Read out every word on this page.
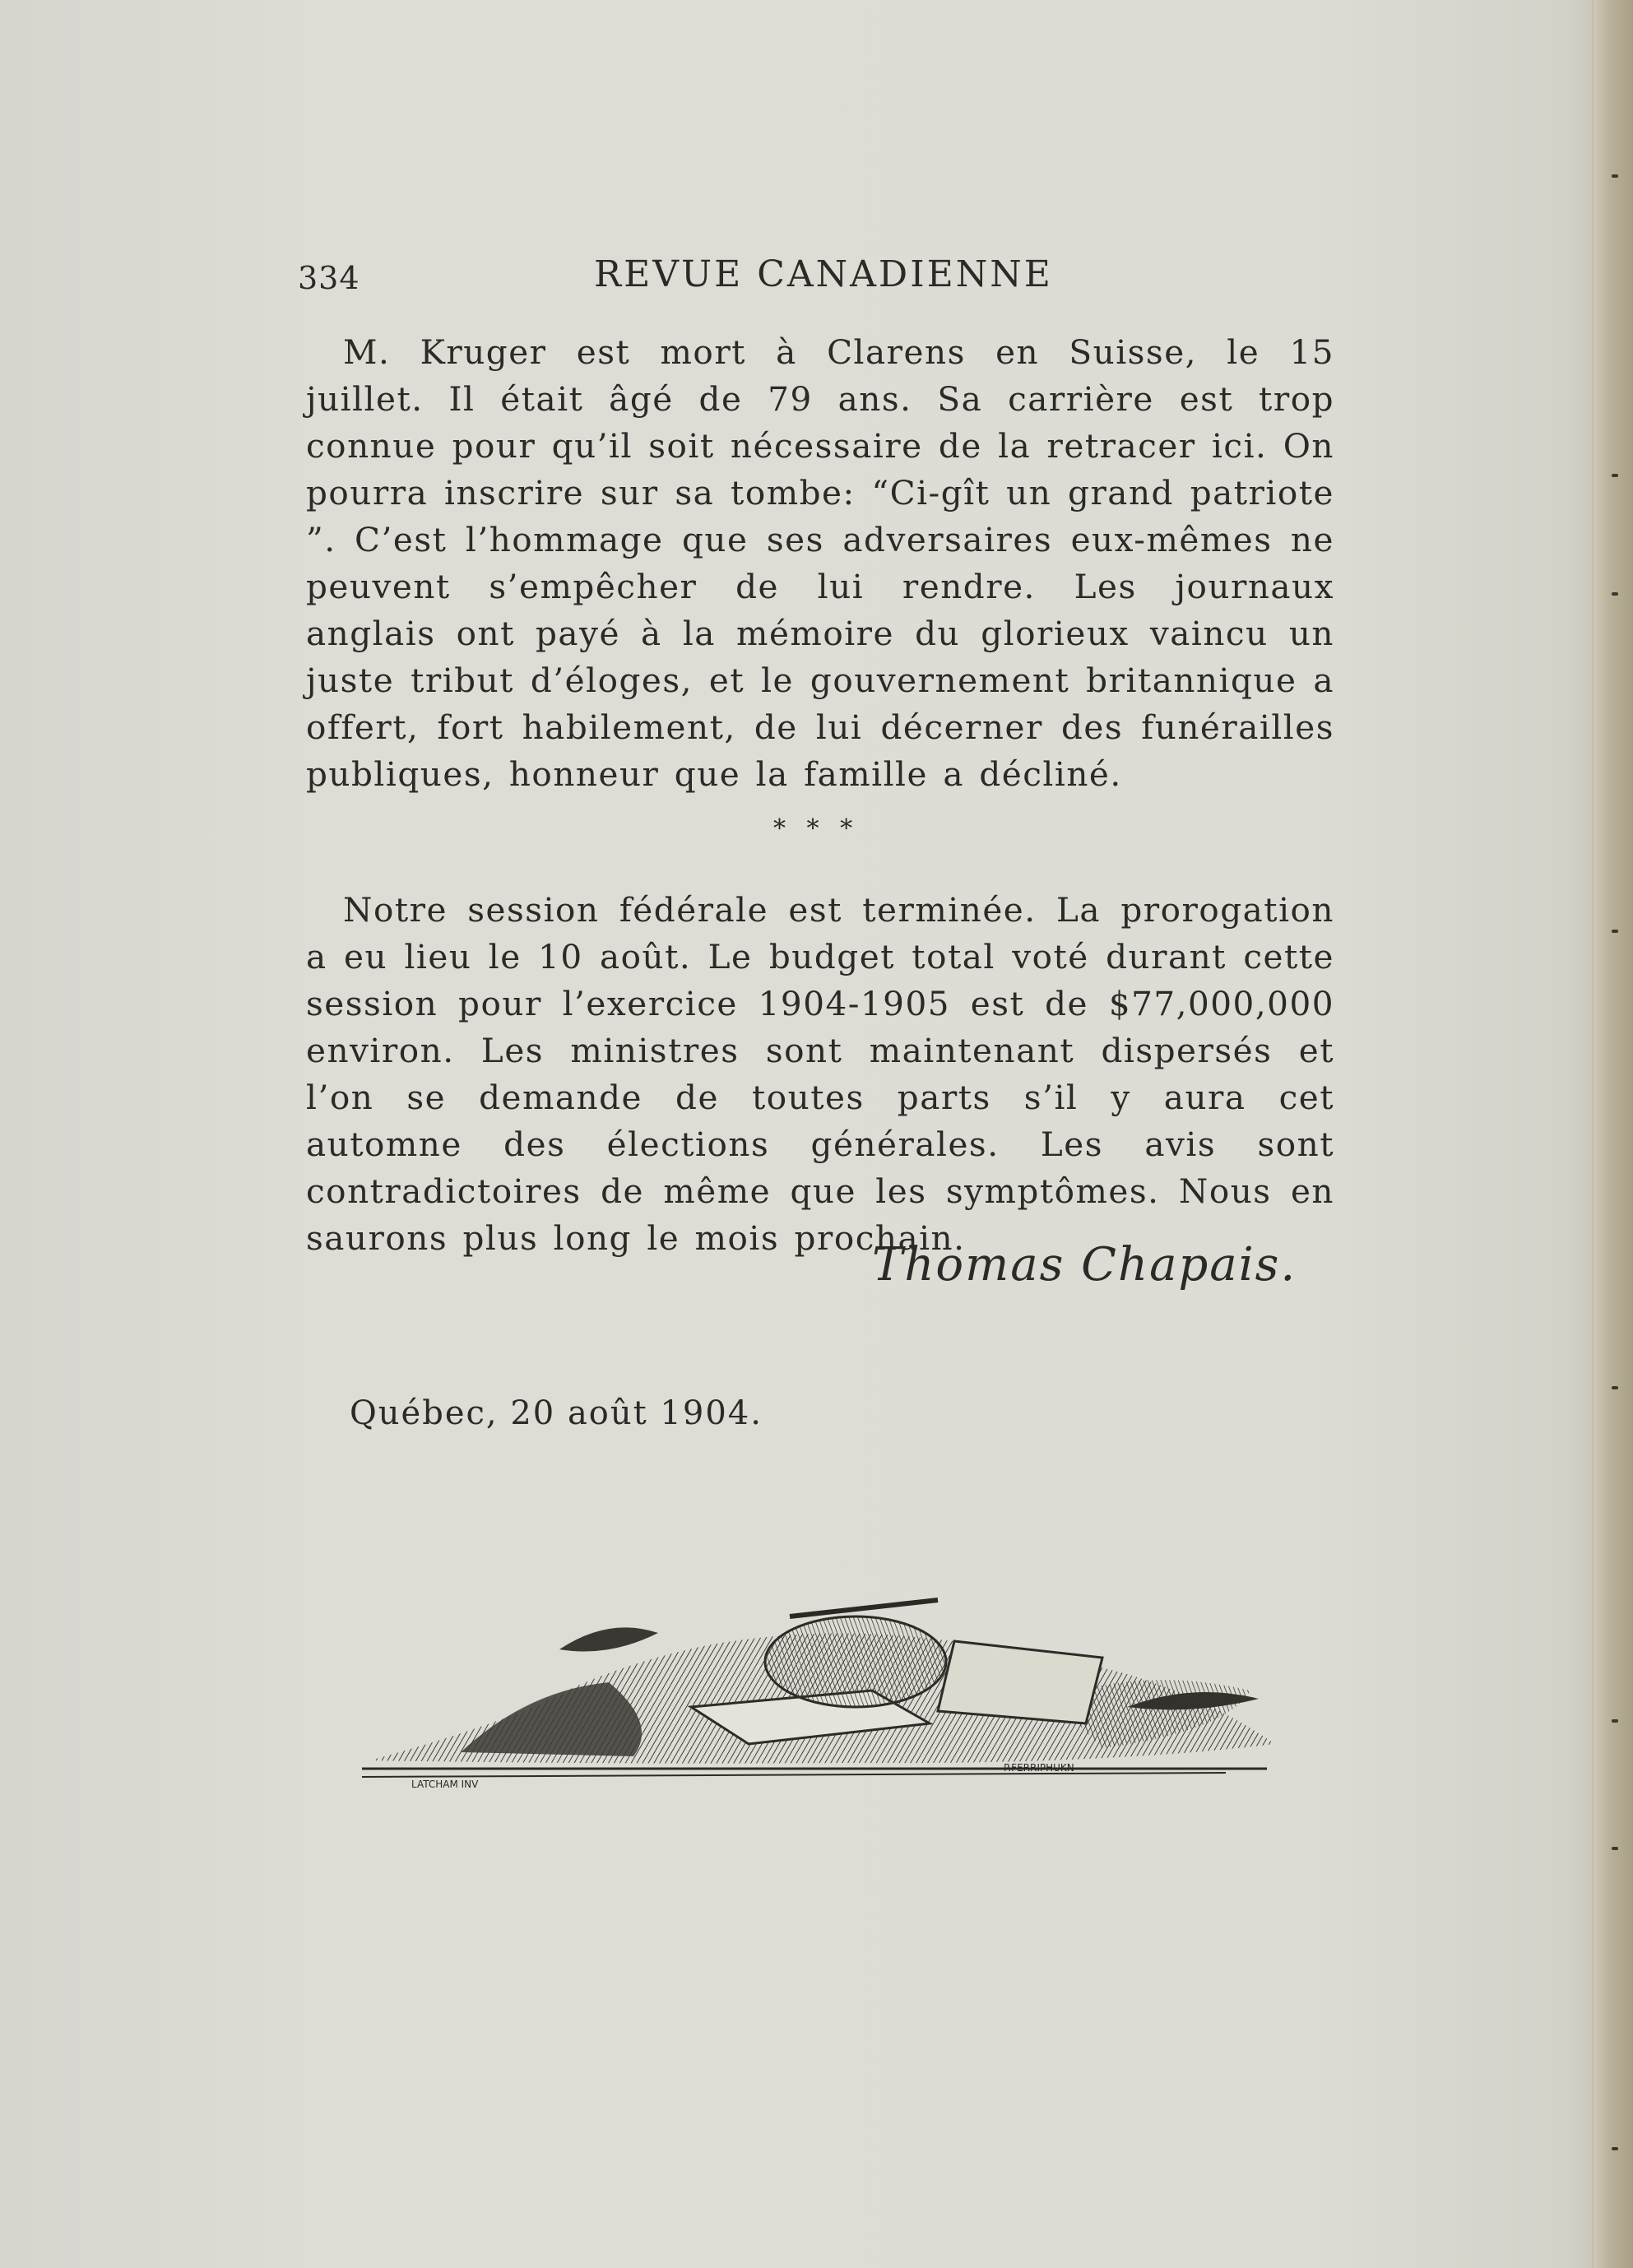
334	REVUE CANADIENNE

M. Kruger est mort à Clarens en Suisse, le 15 juillet. Il était âgé de 79 ans. Sa carrière est trop connue pour qu’il soit nécessaire de la retracer ici. On pourra inscrire sur sa tombe: “Ci-gît un grand patriote ”. C’est l’hommage que ses adversaires eux-mêmes ne peuvent s’empêcher de lui rendre. Les journaux anglais ont payé à la mémoire du glorieux vaincu un juste tribut d’éloges, et le gouvernement britannique a offert, fort habilement, de lui décerner des funérailles publiques, honneur que la famille a décliné.

* * *

Notre session fédérale est terminée. La prorogation a eu lieu le 10 août. Le budget total voté durant cette session pour l’exercice 1904-1905 est de $77,000,000 environ. Les ministres sont maintenant dispersés et l’on se demande de toutes parts s’il y aura cet automne des élections générales. Les avis sont contradictoires de même que les symptômes. Nous en saurons plus long le mois prochain.

Thomas Chapais.
Québec, 20 août 1904.
LATCHAM INV
P.FERRIPHUKN
